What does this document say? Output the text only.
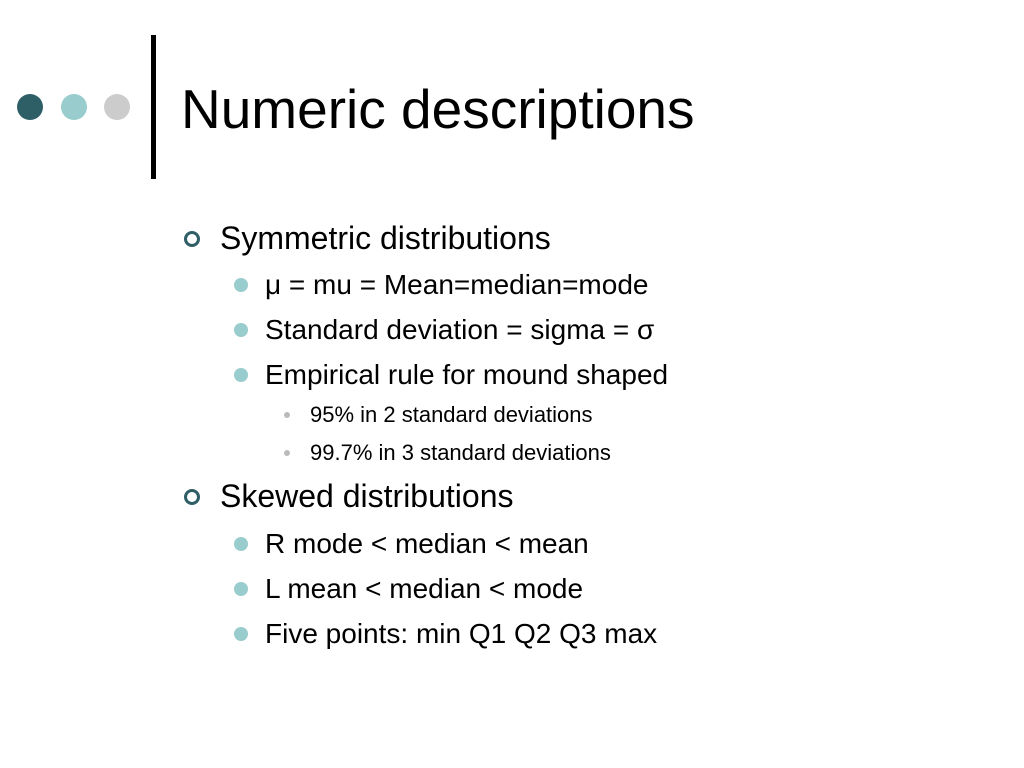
Numeric descriptions
Symmetric distributions
μ = mu = Mean=median=mode
Standard deviation = sigma = σ
Empirical rule for mound shaped
95% in 2 standard deviations
99.7% in 3 standard deviations
Skewed distributions
R mode < median < mean
L mean < median < mode
Five points: min Q1 Q2 Q3 max
